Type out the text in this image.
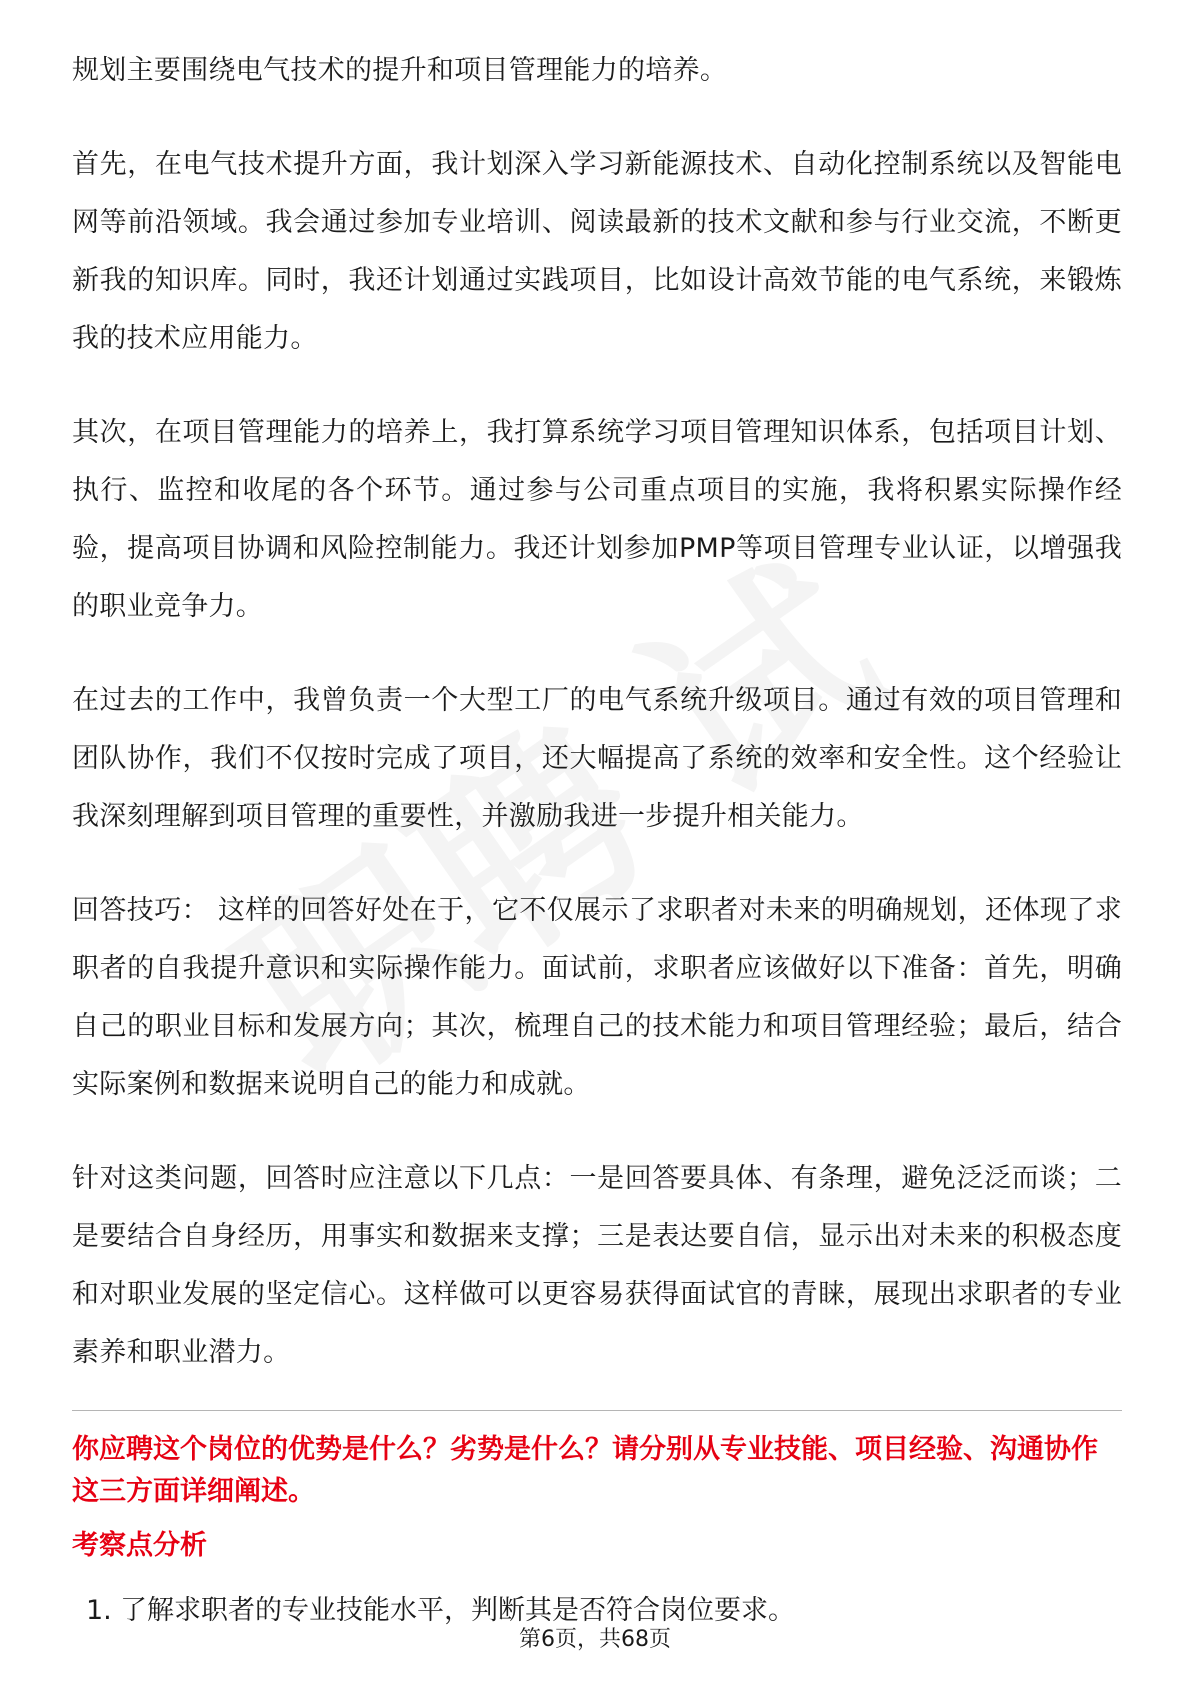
规划主要围绕电气技术的提升和项目管理能力的培养。

首先，在电气技术提升方面，我计划深入学习新能源技术、自动化控制系统以及智能电网等前沿领域。我会通过参加专业培训、阅读最新的技术文献和参与行业交流，不断更新我的知识库。同时，我还计划通过实践项目，比如设计高效节能的电气系统，来锻炼我的技术应用能力。

其次，在项目管理能力的培养上，我打算系统学习项目管理知识体系，包括项目计划、执行、监控和收尾的各个环节。通过参与公司重点项目的实施，我将积累实际操作经验，提高项目协调和风险控制能力。我还计划参加PMP等项目管理专业认证，以增强我的职业竞争力。

在过去的工作中，我曾负责一个大型工厂的电气系统升级项目。通过有效的项目管理和团队协作，我们不仅按时完成了项目，还大幅提高了系统的效率和安全性。这个经验让我深刻理解到项目管理的重要性，并激励我进一步提升相关能力。

回答技巧： 这样的回答好处在于，它不仅展示了求职者对未来的明确规划，还体现了求职者的自我提升意识和实际操作能力。面试前，求职者应该做好以下准备：首先，明确自己的职业目标和发展方向；其次，梳理自己的技术能力和项目管理经验；最后，结合实际案例和数据来说明自己的能力和成就。

针对这类问题，回答时应注意以下几点：一是回答要具体、有条理，避免泛泛而谈；二是要结合自身经历，用事实和数据来支撑；三是表达要自信，显示出对未来的积极态度和对职业发展的坚定信心。这样做可以更容易获得面试官的青睐，展现出求职者的专业素养和职业潜力。

你应聘这个岗位的优势是什么？劣势是什么？请分别从专业技能、项目经验、沟通协作这三方面详细阐述。
考察点分析
1. 了解求职者的专业技能水平，判断其是否符合岗位要求。
第6页，共68页
